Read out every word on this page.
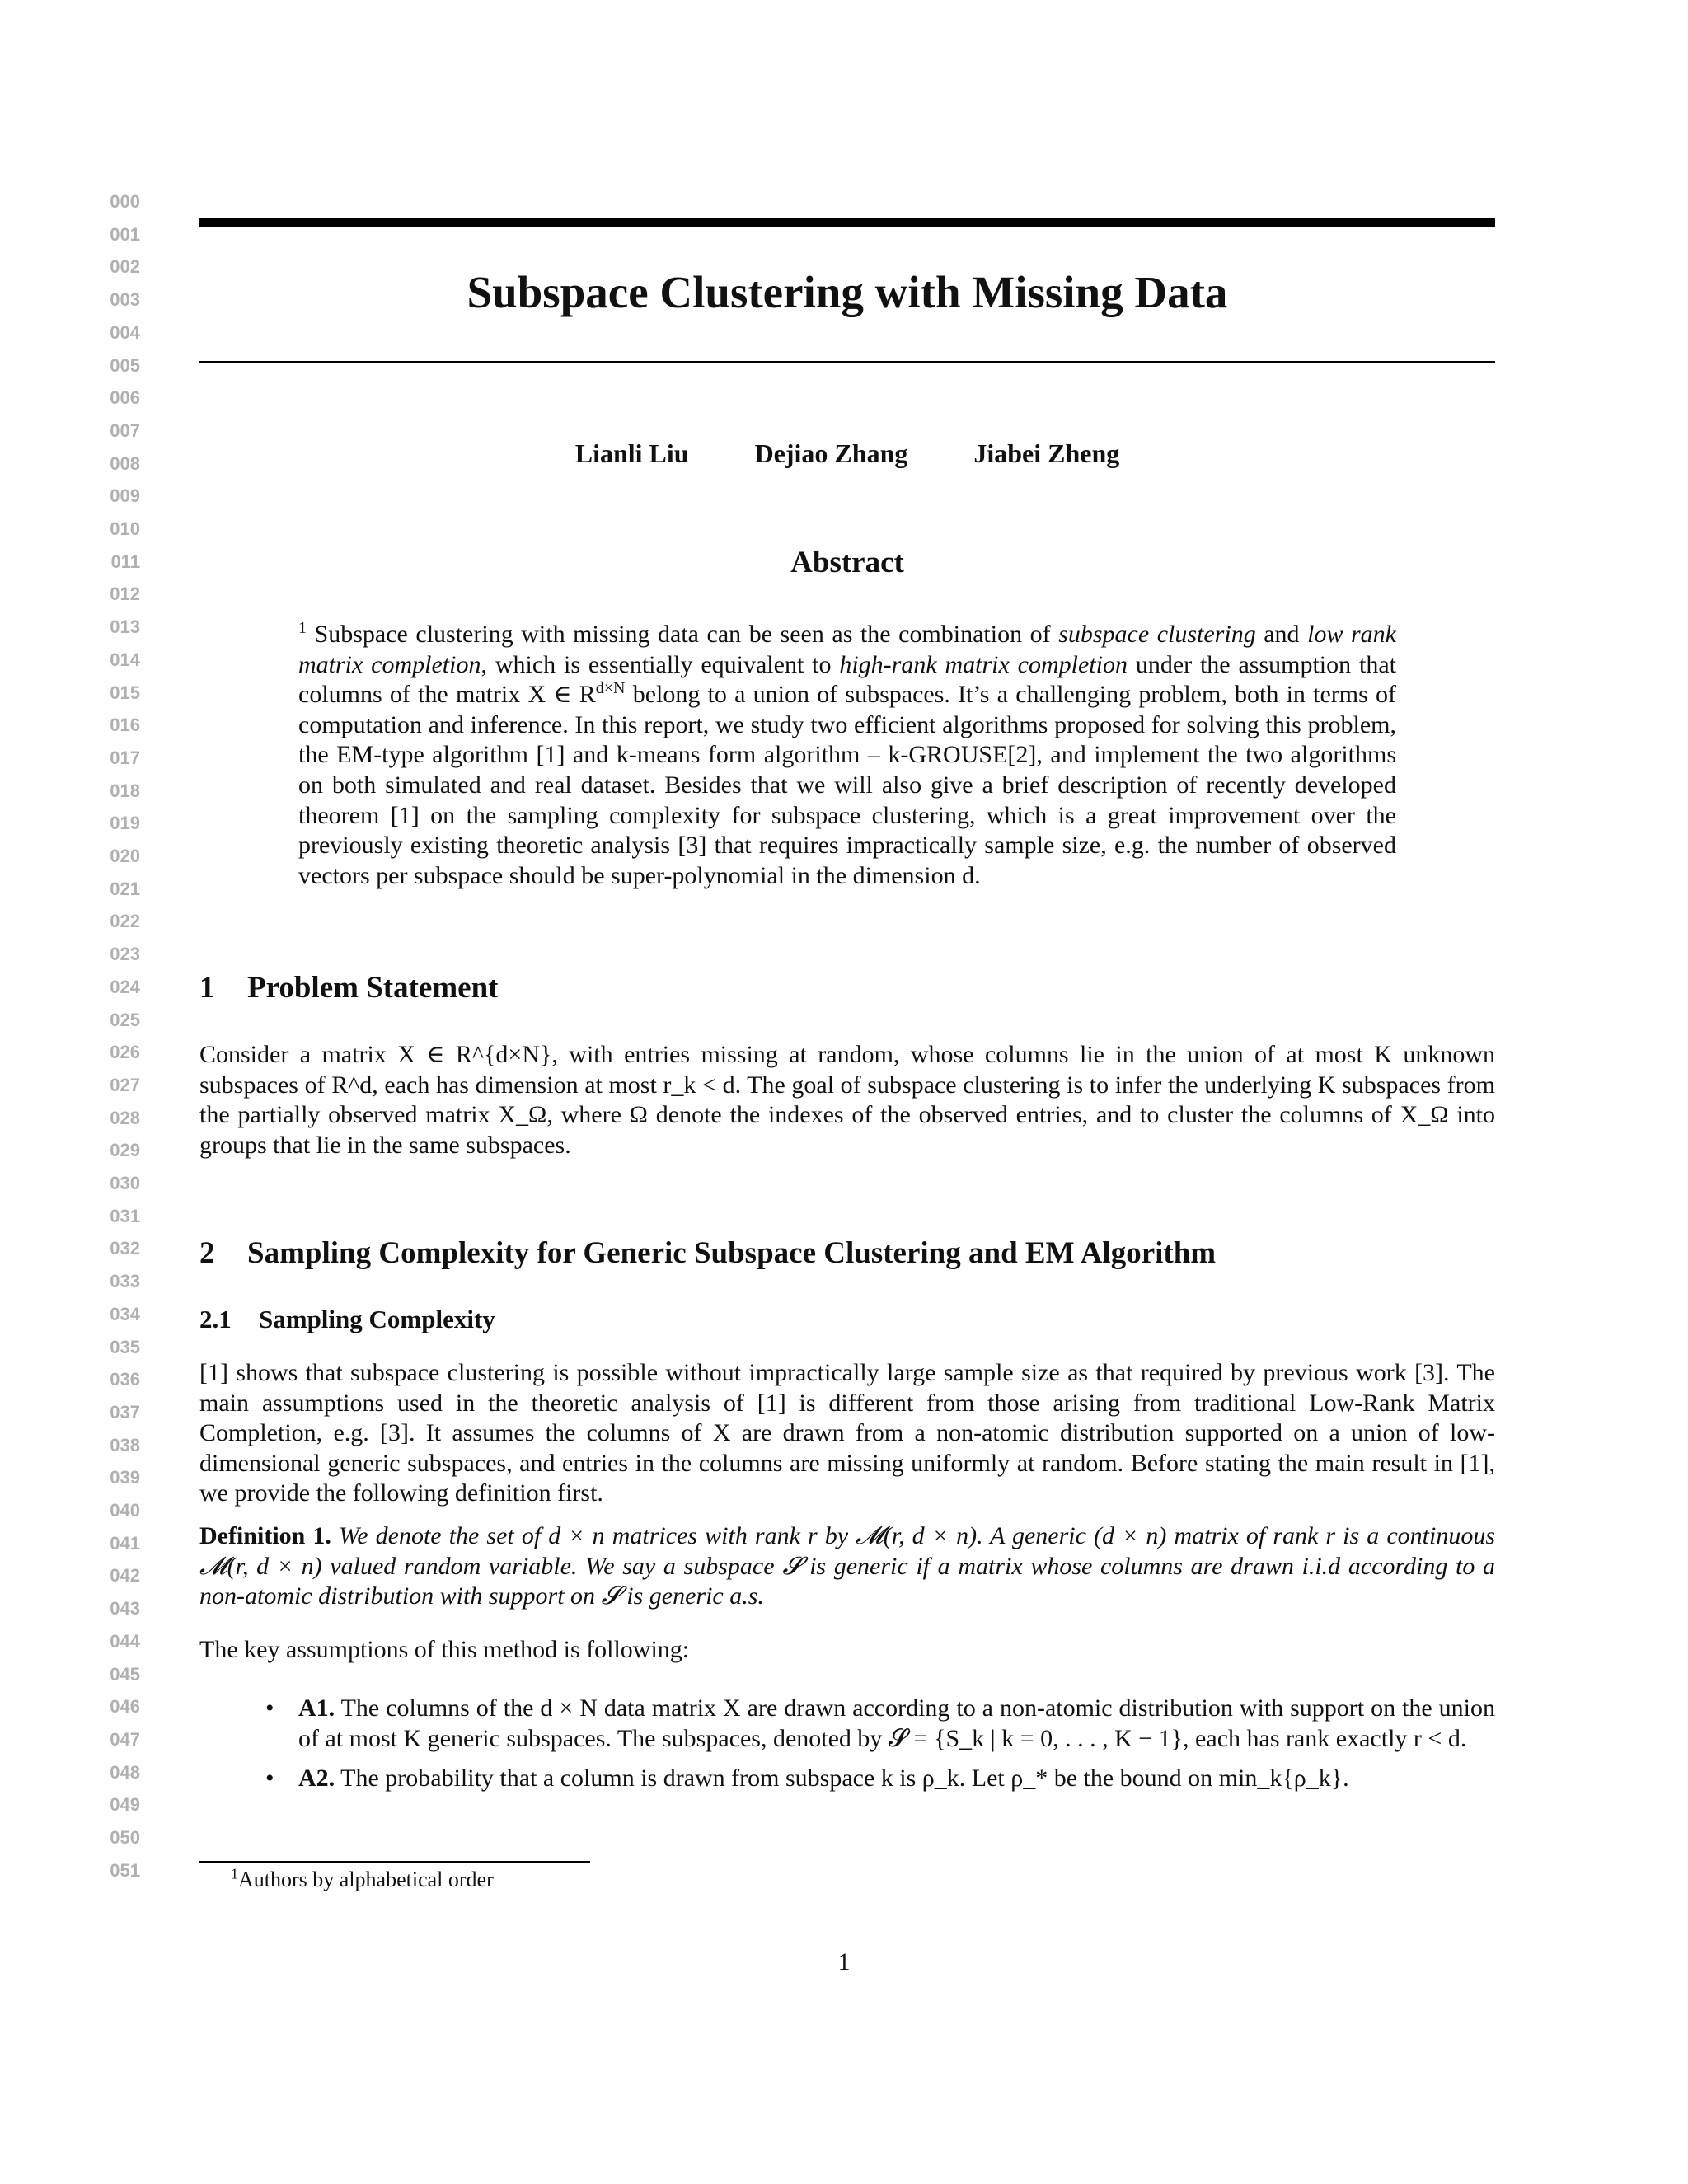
000
001
002
003
004
005
006
007
008
009
010
011
012
013
014
015
016
017
018
019
020
021
022
023
024
025
026
027
028
029
030
031
032
033
034
035
036
037
038
039
040
041
042
043
044
045
046
047
048
049
050
051
Subspace Clustering with Missing Data
Lianli Liu	Dejiao Zhang	Jiabei Zheng
Abstract
$^1$ Subspace clustering with missing data can be seen as the combination of subspace clustering and low rank matrix completion, which is essentially equivalent to high-rank matrix completion under the assumption that columns of the matrix X ∈ $R^{d\times N}$ belong to a union of subspaces. It’s a challenging problem, both in terms of computation and inference. In this report, we study two efficient algorithms proposed for solving this problem, the EM-type algorithm [1] and k-means form algorithm – k-GROUSE[2], and implement the two algorithms on both simulated and real dataset. Besides that we will also give a brief description of recently developed theorem [1] on the sampling complexity for subspace clustering, which is a great improvement over the previously existing theoretic analysis [3] that requires impractically sample size, e.g. the number of observed vectors per subspace should be super-polynomial in the dimension d.
1 Problem Statement
Consider a matrix X ∈ R^{d×N}, with entries missing at random, whose columns lie in the union of at most K unknown subspaces of R^d, each has dimension at most r_k < d. The goal of subspace clustering is to infer the underlying K subspaces from the partially observed matrix X_Ω, where Ω denote the indexes of the observed entries, and to cluster the columns of X_Ω into groups that lie in the same subspaces.
2 Sampling Complexity for Generic Subspace Clustering and EM Algorithm
2.1 Sampling Complexity
[1] shows that subspace clustering is possible without impractically large sample size as that required by previous work [3]. The main assumptions used in the theoretic analysis of [1] is different from those arising from traditional Low-Rank Matrix Completion, e.g. [3]. It assumes the columns of X are drawn from a non-atomic distribution supported on a union of low-dimensional generic subspaces, and entries in the columns are missing uniformly at random. Before stating the main result in [1], we provide the following definition first.
Definition 1. We denote the set of d × n matrices with rank r by 𝓜(r, d × n). A generic (d × n) matrix of rank r is a continuous 𝓜(r, d × n) valued random variable. We say a subspace 𝓢 is generic if a matrix whose columns are drawn i.i.d according to a non-atomic distribution with support on 𝓢 is generic a.s.
The key assumptions of this method is following:
• A1. The columns of the d × N data matrix X are drawn according to a non-atomic distribution with support on the union of at most K generic subspaces. The subspaces, denoted by 𝓢 = {S_k | k = 0, . . . , K − 1}, each has rank exactly r < d.
• A2. The probability that a column is drawn from subspace k is ρ_k. Let ρ_* be the bound on min_k{ρ_k}.
$^1$Authors by alphabetical order
1
